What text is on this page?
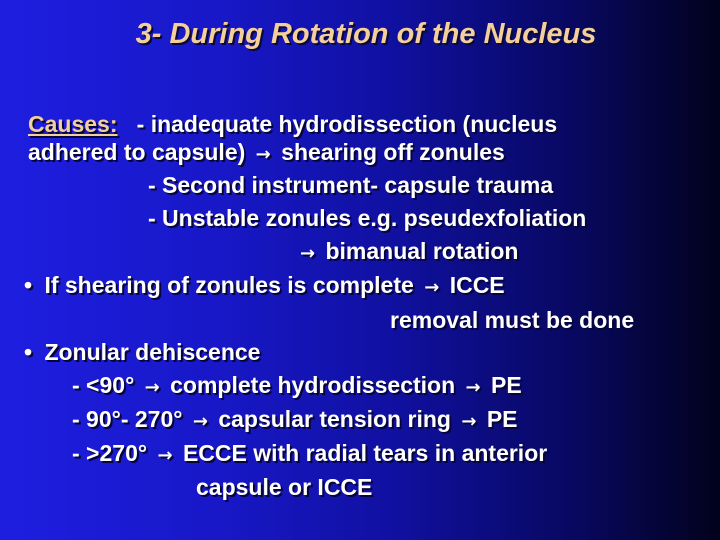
3- During Rotation of the Nucleus
Causes: - inadequate hydrodissection (nucleus
adhered to capsule) → shearing off zonules
- Second instrument- capsule trauma
- Unstable zonules e.g. pseudexfoliation
→ bimanual rotation
• If shearing of zonules is complete → ICCE
removal must be done
• Zonular dehiscence
- <90° → complete hydrodissection → PE
- 90°- 270° → capsular tension ring → PE
- >270° → ECCE with radial tears in anterior
capsule or ICCE
